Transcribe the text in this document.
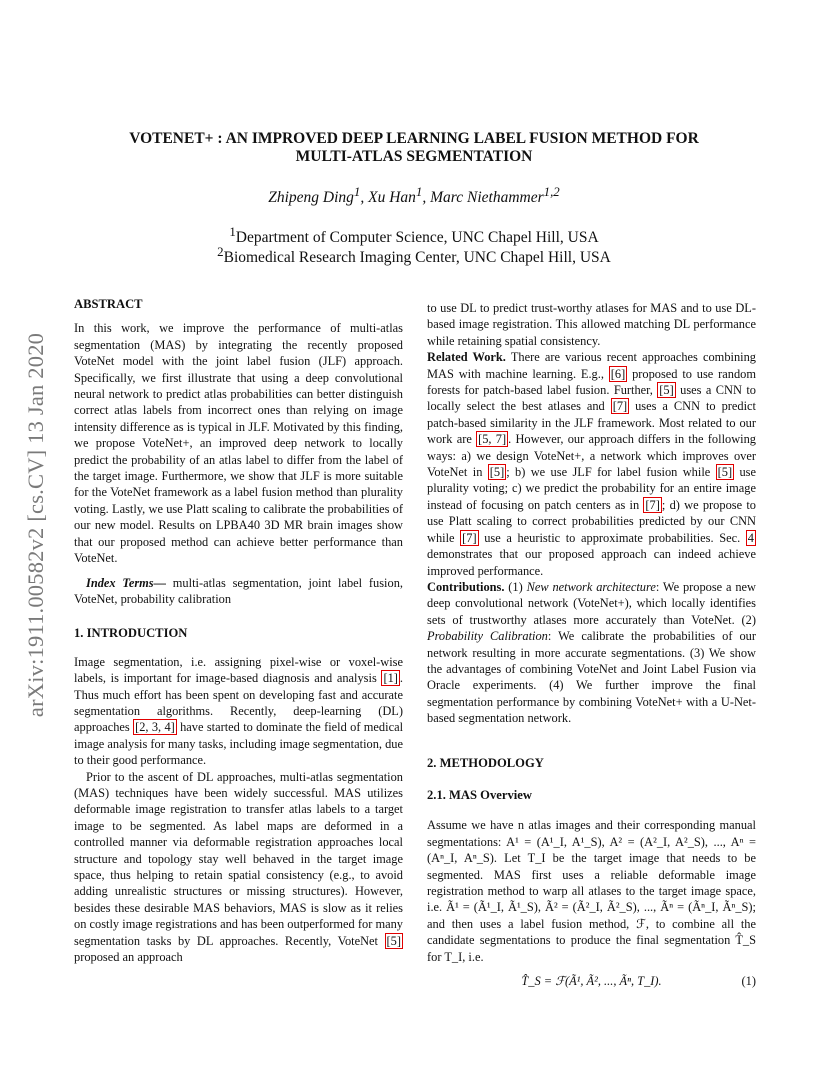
arXiv:1911.00582v2 [cs.CV] 13 Jan 2020
VOTENET+ : AN IMPROVED DEEP LEARNING LABEL FUSION METHOD FOR
MULTI-ATLAS SEGMENTATION
Zhipeng Ding$^1$, Xu Han$^1$, Marc Niethammer$^{1,2}$
$^1$Department of Computer Science, UNC Chapel Hill, USA
$^2$Biomedical Research Imaging Center, UNC Chapel Hill, USA

ABSTRACT

In this work, we improve the performance of multi-atlas segmentation (MAS) by integrating the recently proposed VoteNet model with the joint label fusion (JLF) approach. Specifically, we first illustrate that using a deep convolutional neural network to predict atlas probabilities can better distinguish correct atlas labels from incorrect ones than relying on image intensity difference as is typical in JLF. Motivated by this finding, we propose VoteNet+, an improved deep network to locally predict the probability of an atlas label to differ from the label of the target image. Furthermore, we show that JLF is more suitable for the VoteNet framework as a label fusion method than plurality voting. Lastly, we use Platt scaling to calibrate the probabilities of our new model. Results on LPBA40 3D MR brain images show that our proposed method can achieve better performance than VoteNet.

Index Terms— multi-atlas segmentation, joint label fusion, VoteNet, probability calibration

1. INTRODUCTION

Image segmentation, i.e. assigning pixel-wise or voxel-wise labels, is important for image-based diagnosis and analysis [1] . Thus much effort has been spent on developing fast and accurate segmentation algorithms. Recently, deep-learning (DL) approaches [2, 3, 4] have started to dominate the field of medical image analysis for many tasks, including image segmentation, due to their good performance.

Prior to the ascent of DL approaches, multi-atlas segmentation (MAS) techniques have been widely successful. MAS utilizes deformable image registration to transfer atlas labels to a target image to be segmented. As label maps are deformed in a controlled manner via deformable registration approaches local structure and topology stay well behaved in the target image space, thus helping to retain spatial consistency (e.g., to avoid adding unrealistic structures or missing structures). However, besides these desirable MAS behaviors, MAS is slow as it relies on costly image registrations and has been outperformed for many segmentation tasks by DL approaches. Recently, VoteNet [5] proposed an approach

to use DL to predict trust-worthy atlases for MAS and to use DL-based image registration. This allowed matching DL performance while retaining spatial consistency.

Related Work. There are various recent approaches combining MAS with machine learning. E.g., [6] proposed to use random forests for patch-based label fusion. Further, [5] uses a CNN to locally select the best atlases and [7] uses a CNN to predict patch-based similarity in the JLF framework. Most related to our work are [5, 7] . However, our approach differs in the following ways: a) we design VoteNet+, a network which improves over VoteNet in [5] ; b) we use JLF for label fusion while [5] use plurality voting; c) we predict the probability for an entire image instead of focusing on patch centers as in [7] ; d) we propose to use Platt scaling to correct probabilities predicted by our CNN while [7] use a heuristic to approximate probabilities. Sec. 4 demonstrates that our proposed approach can indeed achieve improved performance.

Contributions. (1) New network architecture: We propose a new deep convolutional network (VoteNet+), which locally identifies sets of trustworthy atlases more accurately than VoteNet. (2) Probability Calibration: We calibrate the probabilities of our network resulting in more accurate segmentations. (3) We show the advantages of combining VoteNet and Joint Label Fusion via Oracle experiments. (4) We further improve the final segmentation performance by combining VoteNet+ with a U-Net-based segmentation network.

2. METHODOLOGY

2.1. MAS Overview

Assume we have n atlas images and their corresponding manual segmentations: A¹ = (A¹_I, A¹_S), A² = (A²_I, A²_S), ..., Aⁿ = (Aⁿ_I, Aⁿ_S). Let T_I be the target image that needs to be segmented. MAS first uses a reliable deformable image registration method to warp all atlases to the target image space, i.e. Ã¹ = (Ã¹_I, Ã¹_S), Ã² = (Ã²_I, Ã²_S), ..., Ãⁿ = (Ãⁿ_I, Ãⁿ_S); and then uses a label fusion method, ℱ, to combine all the candidate segmentations to produce the final segmentation T̂_S for T_I, i.e.

T̂_S = ℱ(Ã¹, Ã², ..., Ãⁿ, T_I).	(1)
